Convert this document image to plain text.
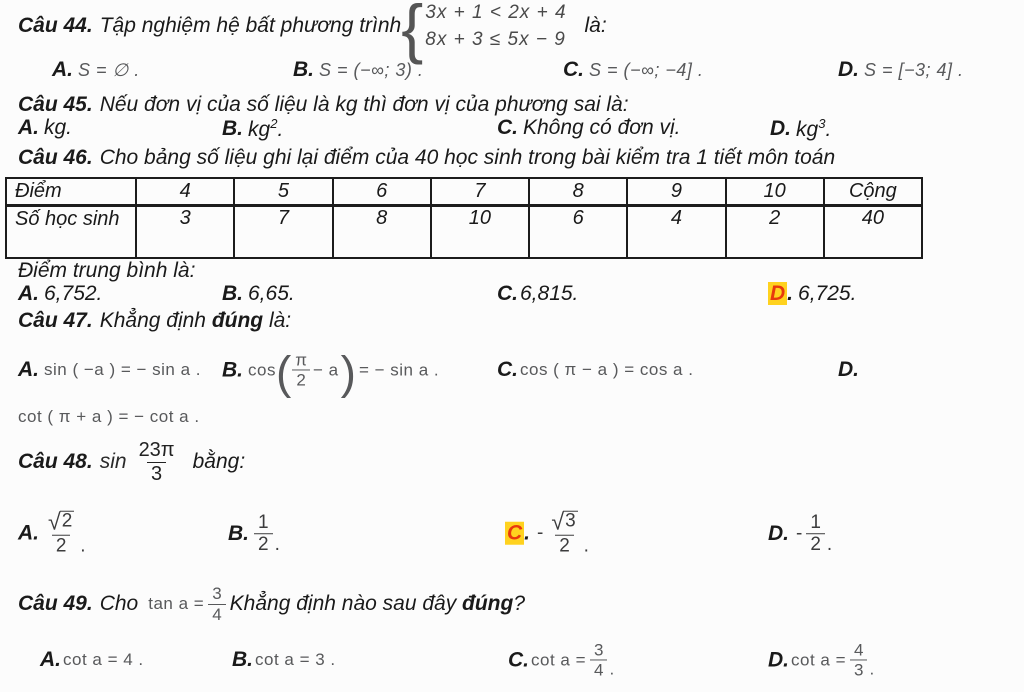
Câu 44. Tập nghiệm hệ bất phương trình { 3x + 1 < 2x + 4
8x + 3 ≤ 5x − 9
là:
A. S = ∅ .	B. S = (−∞; 3) .	C. S = (−∞; −4] .	D. S = [−3; 4] .
Câu 45. Nếu đơn vị của số liệu là kg thì đơn vị của phương sai là:
A. kg.	B. $kg^2$.	C. Không có đơn vị.	D. $kg^3$.
Câu 46. Cho bảng số liệu ghi lại điểm của 40 học sinh trong bài kiểm tra 1 tiết môn toán
Điểm	4	5	6	7	8	9	10	Cộng
Số học sinh	3	7	8	10	6	4	2	40
Điểm trung bình là:
A. 6,752.	B. 6,65.	C. 6,815.	D. 6,725.
Câu 47. Khẳng định đúng là:
A. sin ( −a ) = − sin a . B. cos ( $\frac{\pi}{2} - a$ ) = − sin a .	C. cos ( π − a ) = cos a .	D.
cot ( π + a ) = − cot a .
Câu 48. $\sin \frac{23\pi}{3}$ bằng:
A. $\frac{√ 2}{2}$ .
B. $\frac{1}{2}$ .	C. - $\frac{√ 3}{2}$ .
D. - $\frac{1}{2}$ .
Câu 49. Cho $\tan a = \frac{3}{4}$ Khẳng định nào sau đây đúng?
A. cot a = 4 .	B. cot a = 3 .	C. $\cot a = \frac{3}{4}$ .	D. $\cot a = \frac{4}{3}$ .
